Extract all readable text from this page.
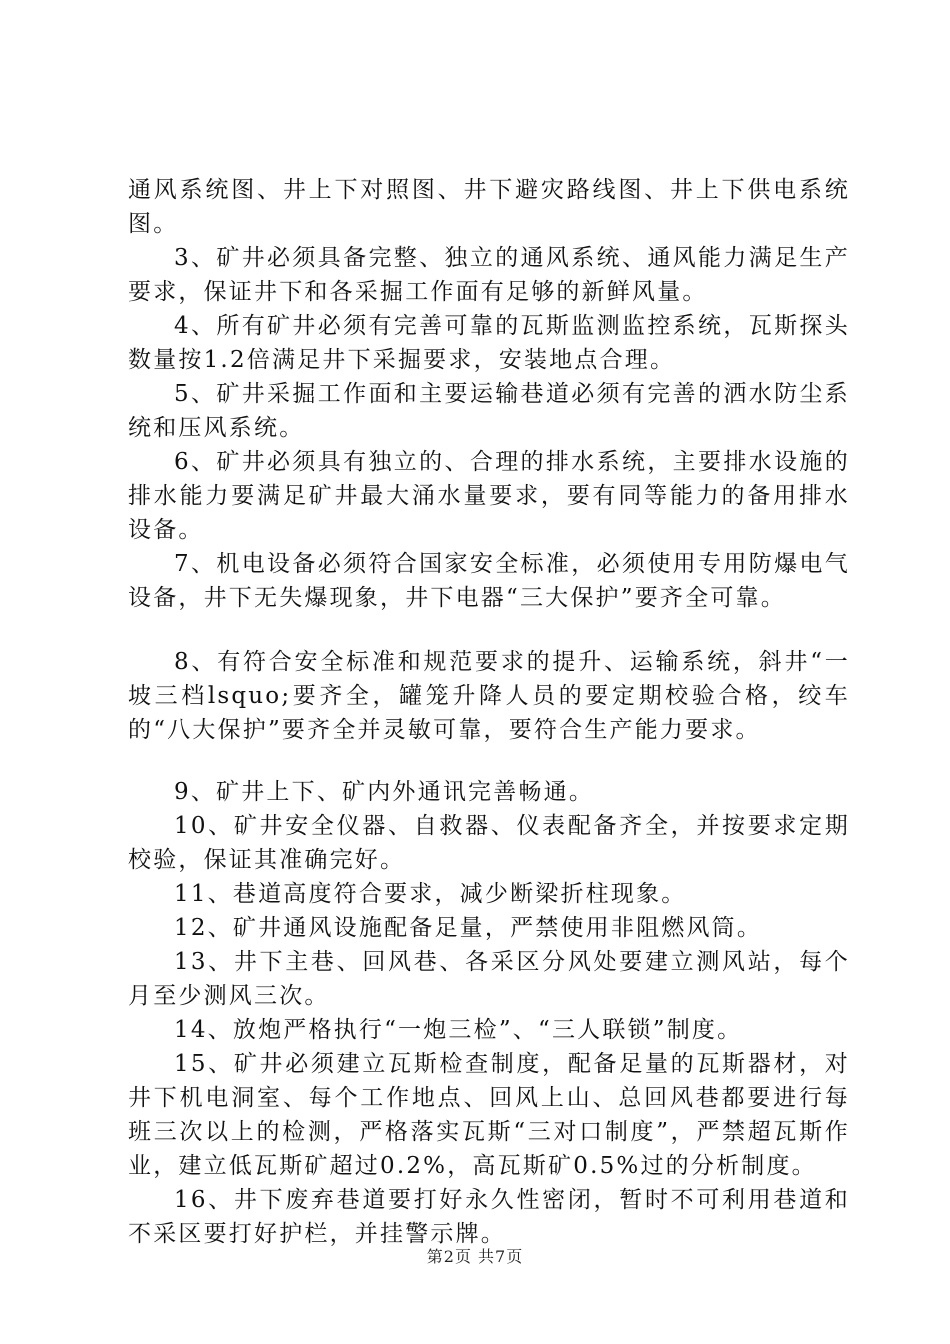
通风系统图、井上下对照图、井下避灾路线图、井上下供电系统图。

3、矿井必须具备完整、独立的通风系统、通风能力满足生产要求，保证井下和各采掘工作面有足够的新鲜风量。

4、所有矿井必须有完善可靠的瓦斯监测监控系统，瓦斯探头数量按1.2倍满足井下采掘要求，安装地点合理。

5、矿井采掘工作面和主要运输巷道必须有完善的洒水防尘系统和压风系统。

6、矿井必须具有独立的、合理的排水系统，主要排水设施的排水能力要满足矿井最大涌水量要求，要有同等能力的备用排水设备。

7、机电设备必须符合国家安全标准，必须使用专用防爆电气设备，井下无失爆现象，井下电器“三大保护”要齐全可靠。

8、有符合安全标准和规范要求的提升、运输系统，斜井“一坡三档lsquo;要齐全，罐笼升降人员的要定期校验合格，绞车的“八大保护”要齐全并灵敏可靠，要符合生产能力要求。

9、矿井上下、矿内外通讯完善畅通。

10、矿井安全仪器、自救器、仪表配备齐全，并按要求定期校验，保证其准确完好。

11、巷道高度符合要求，减少断梁折柱现象。

12、矿井通风设施配备足量，严禁使用非阻燃风筒。

13、井下主巷、回风巷、各采区分风处要建立测风站，每个月至少测风三次。

14、放炮严格执行“一炮三检”、“三人联锁”制度。

15、矿井必须建立瓦斯检查制度，配备足量的瓦斯器材，对井下机电洞室、每个工作地点、回风上山、总回风巷都要进行每班三次以上的检测，严格落实瓦斯“三对口制度”，严禁超瓦斯作业，建立低瓦斯矿超过0.2%，高瓦斯矿0.5%过的分析制度。

16、井下废弃巷道要打好永久性密闭，暂时不可利用巷道和不采区要打好护栏，并挂警示牌。

第2页 共7页
